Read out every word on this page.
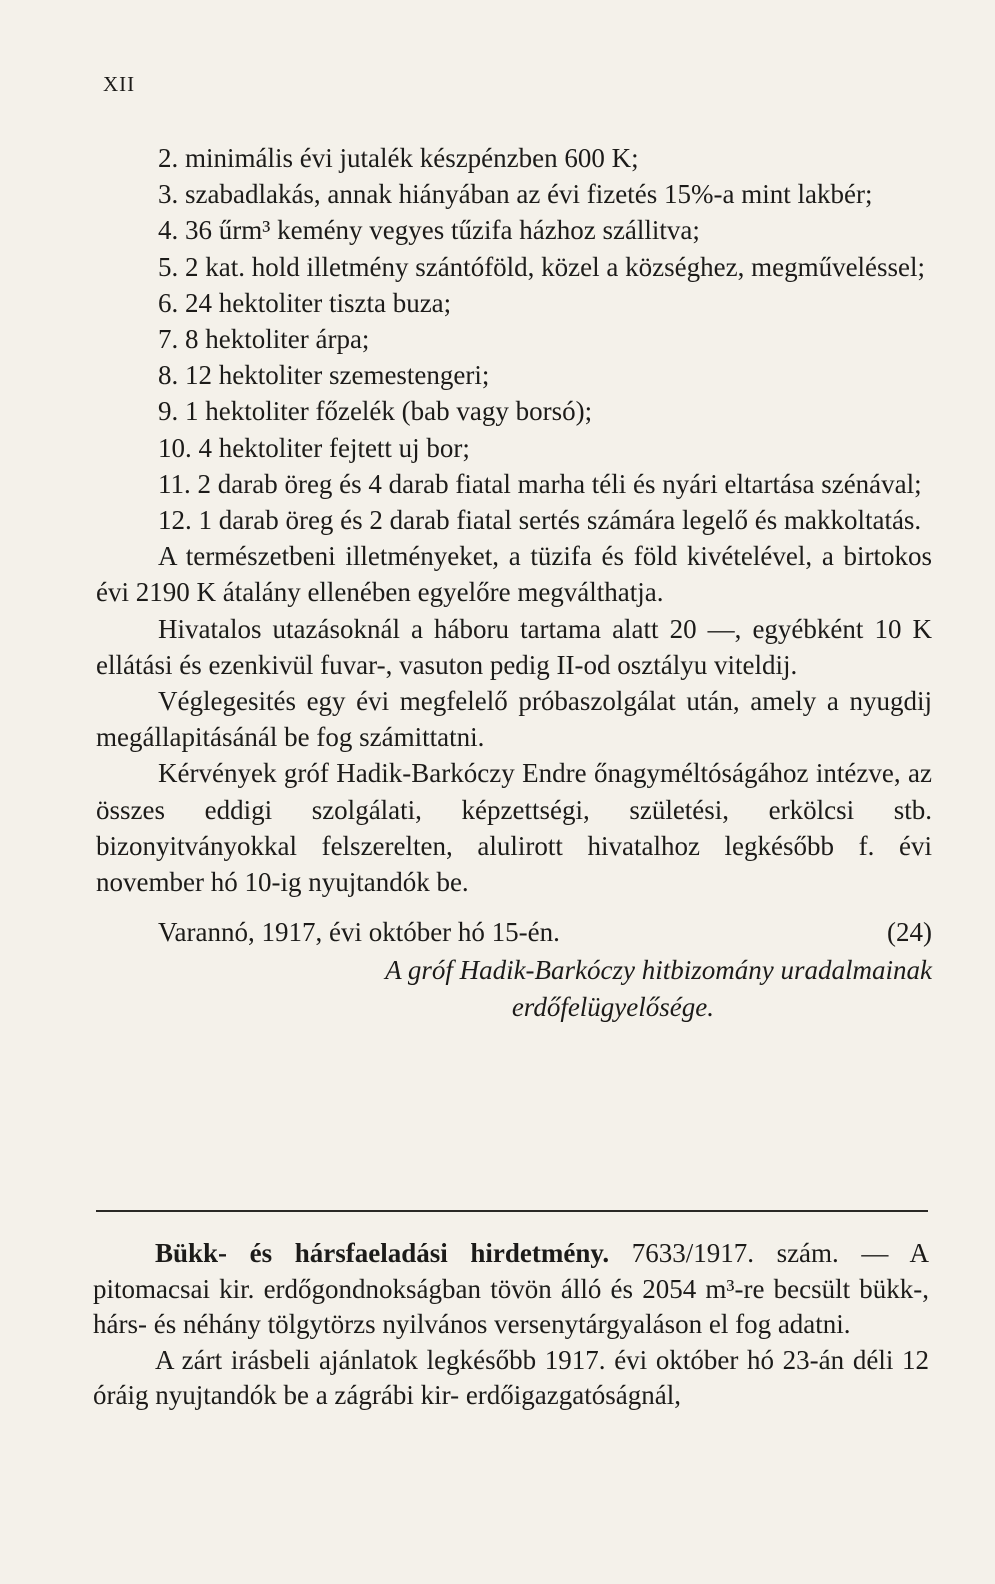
XII

2. minimális évi jutalék készpénzben 600 K;

3. szabadlakás, annak hiányában az évi fizetés 15%-a mint lakbér;

4. 36 űrm³ kemény vegyes tűzifa házhoz szállitva;

5. 2 kat. hold illetmény szántóföld, közel a községhez, megműveléssel;

6. 24 hektoliter tiszta buza;

7. 8 hektoliter árpa;

8. 12 hektoliter szemestengeri;

9. 1 hektoliter főzelék (bab vagy borsó);

10. 4 hektoliter fejtett uj bor;

11. 2 darab öreg és 4 darab fiatal marha téli és nyári eltartása szénával;

12. 1 darab öreg és 2 darab fiatal sertés számára legelő és makkoltatás.

A természetbeni illetményeket, a tüzifa és föld kivételével, a birtokos évi 2190 K átalány ellenében egyelőre megválthatja.

Hivatalos utazásoknál a háboru tartama alatt 20 —, egyébként 10 K ellátási és ezenkivül fuvar-, vasuton pedig II-od osztályu viteldij.

Véglegesités egy évi megfelelő próbaszolgálat után, amely a nyugdij megállapitásánál be fog számittatni.

Kérvények gróf Hadik-Barkóczy Endre őnagyméltóságához intézve, az összes eddigi szolgálati, képzettségi, születési, erkölcsi stb. bizonyitványokkal felszerelten, alulirott hivatalhoz legkésőbb f. évi november hó 10-ig nyujtandók be.

Varannó, 1917, évi október hó 15-én.	(24)

A gróf Hadik-Barkóczy hitbizomány uradalmainak
erdőfelügyelősége.

Bükk- és hársfaeladási hirdetmény. 7633/1917. szám. — A pitomacsai kir. erdőgondnokságban tövön álló és 2054 m³-re becsült bükk-, hárs- és néhány tölgytörzs nyilvános versenytárgyaláson el fog adatni.

A zárt irásbeli ajánlatok legkésőbb 1917. évi október hó 23-án déli 12 óráig nyujtandók be a zágrábi kir- erdőigazgatóságnál,
